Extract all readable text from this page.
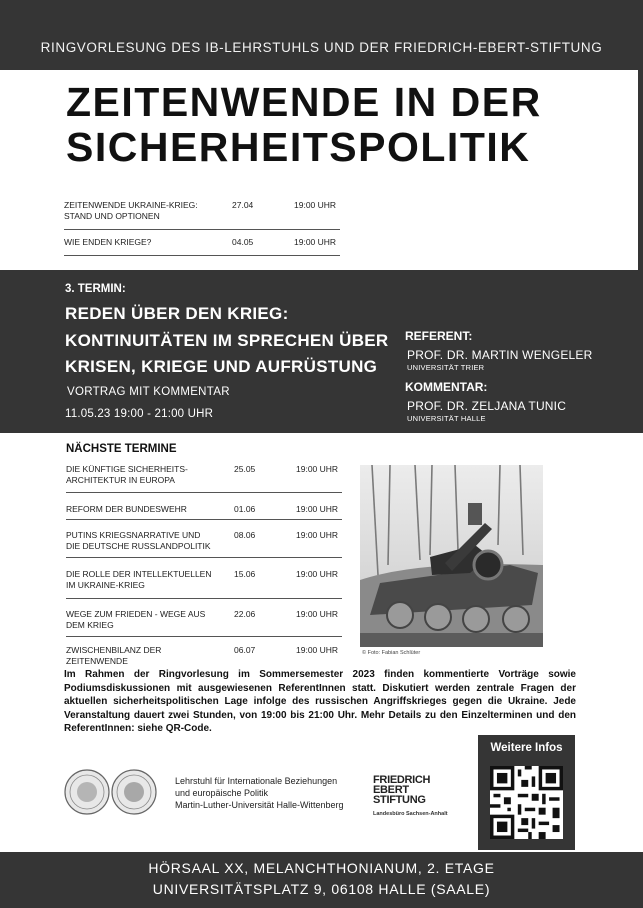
RINGVORLESUNG DES IB-LEHRSTUHLS UND DER FRIEDRICH-EBERT-STIFTUNG
ZEITENWENDE IN DER
SICHERHEITSPOLITIK
ZEITENWENDE UKRAINE-KRIEG: STAND UND OPTIONEN
27.04	19:00 UHR
WIE ENDEN KRIEGE?	04.05	19:00 UHR
3. TERMIN:
REDEN ÜBER DEN KRIEG:
KONTINUITÄTEN IM SPRECHEN ÜBER
KRISEN, KRIEGE UND AUFRÜSTUNG
VORTRAG MIT KOMMENTAR
11.05.23 19:00 - 21:00 UHR
REFERENT:
PROF. DR. MARTIN WENGELER
UNIVERSITÄT TRIER
KOMMENTAR:
PROF. DR. ZELJANA TUNIC
UNIVERSITÄT HALLE
NÄCHSTE TERMINE
DIE KÜNFTIGE SICHERHEITS-ARCHITEKTUR IN EUROPA
25.05	19:00 UHR
REFORM DER BUNDESWEHR	01.06	19:00 UHR
PUTINS KRIEGSNARRATIVE UND DIE DEUTSCHE RUSSLANDPOLITIK
08.06	19:00 UHR
DIE ROLLE DER INTELLEKTUELLEN IM UKRAINE-KRIEG
15.06	19:00 UHR
WEGE ZUM FRIEDEN - WEGE AUS DEM KRIEG
22.06	19:00 UHR
ZWISCHENBILANZ DER ZEITENWENDE
06.07	19:00 UHR	© Foto: Fabian Schlüter
Im Rahmen der Ringvorlesung im Sommersemester 2023 finden kommentierte Vorträge sowie Podiumsdiskussionen mit ausgewiesenen ReferentInnen statt. Diskutiert werden zentrale Fragen der aktuellen sicherheitspolitischen Lage infolge des russischen Angriffskrieges gegen die Ukraine. Jede Veranstaltung dauert zwei Stunden, von 19:00 bis 21:00 Uhr. Mehr Details zu den Einzelterminen und den ReferentInnen: siehe QR-Code.
Lehrstuhl für Internationale Beziehungen
und europäische Politik
Martin-Luther-Universität Halle-Wittenberg
FRIEDRICH
EBERT
STIFTUNG
Landesbüro Sachsen-Anhalt
Weitere Infos
HÖRSAAL XX, MELANCHTHONIANUM, 2. ETAGE
UNIVERSITÄTSPLATZ 9, 06108 HALLE (SAALE)
